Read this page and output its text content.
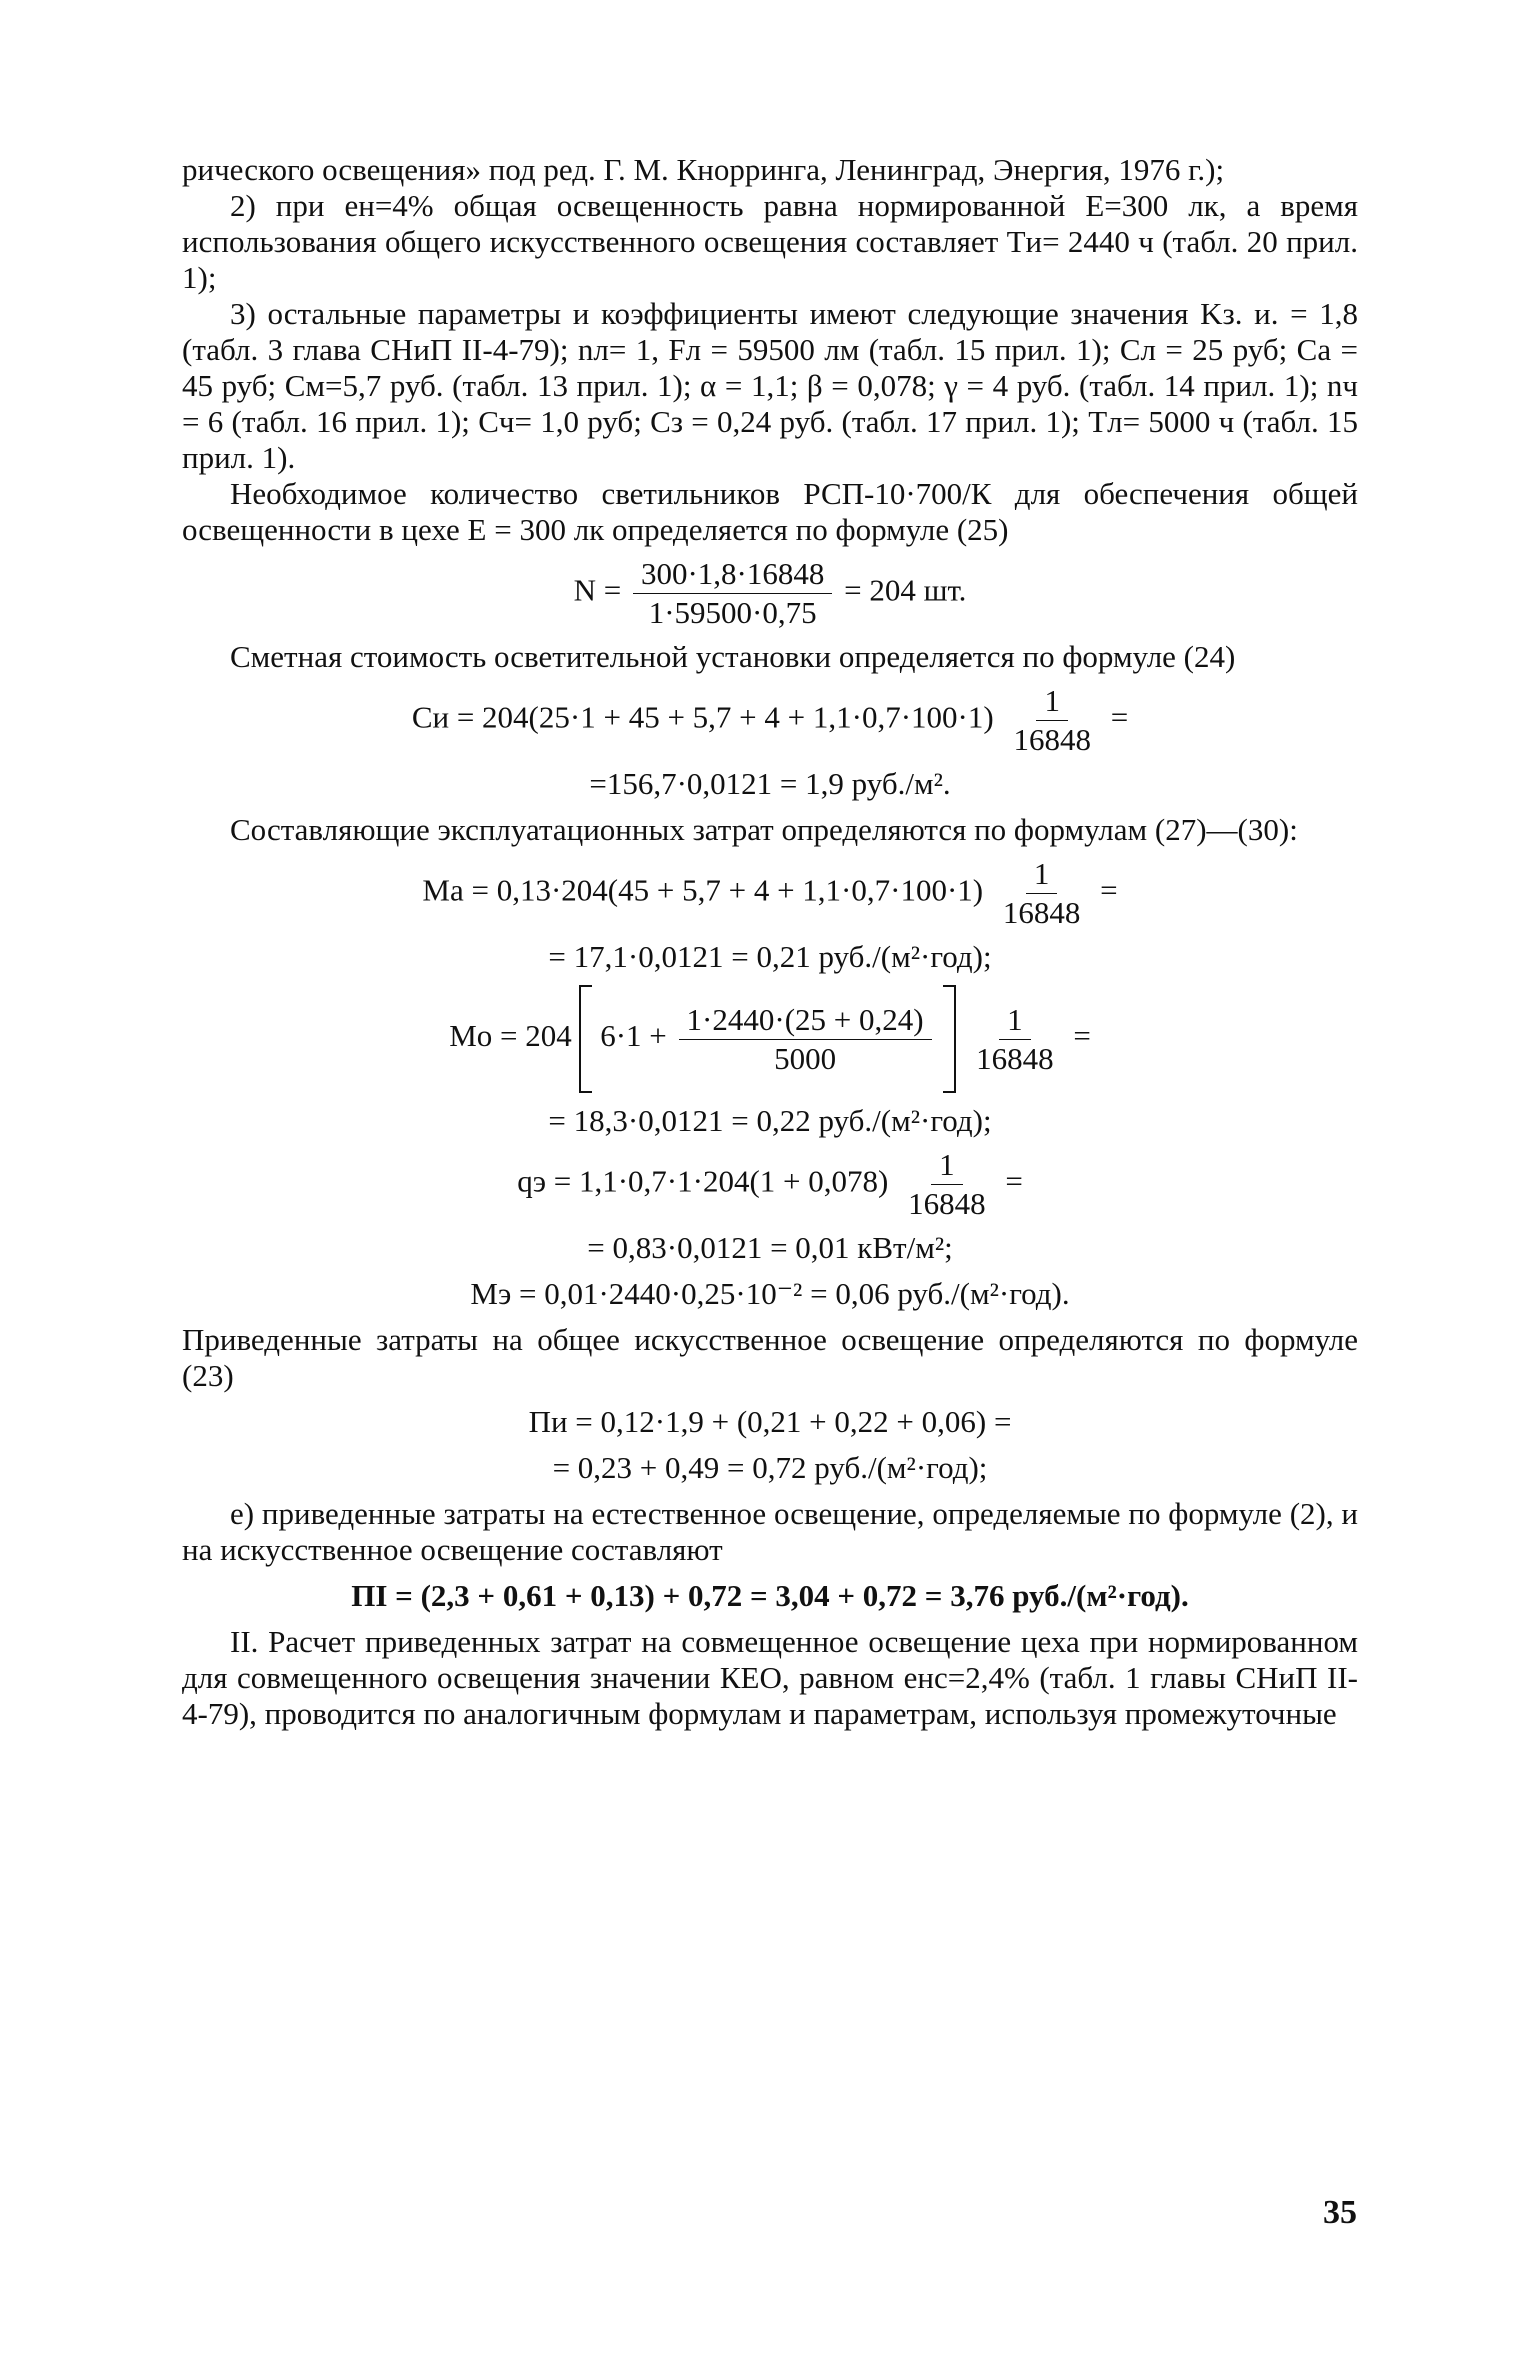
рического освещения» под ред. Г. М. Кнорринга, Ленинград, Энергия, 1976 г.);

2) при eн=4% общая освещенность равна нормированной E=300 лк, а время использования общего искусственного освещения составляет Tи= 2440 ч (табл. 20 прил. 1);

3) остальные параметры и коэффициенты имеют следующие значения Kз. и. = 1,8 (табл. 3 глава СНиП II-4-79); nл= 1, Fл = 59500 лм (табл. 15 прил. 1); Cл = 25 руб; Cа = 45 руб; Cм=5,7 руб. (табл. 13 прил. 1); α = 1,1; β = 0,078; γ = 4 руб. (табл. 14 прил. 1); nч = 6 (табл. 16 прил. 1); Cч= 1,0 руб; Cз = 0,24 руб. (табл. 17 прил. 1); Tл= 5000 ч (табл. 15 прил. 1).

Необходимое количество светильников РСП-10·700/К для обеспечения общей освещенности в цехе E = 300 лк определяется по формуле (25)

$N = \frac{300\cdot 1,8\cdot 16848}{1\cdot 59500\cdot 0,75} = 204$ шт.

Сметная стоимость осветительной установки определяется по формуле (24)

Cи = $204(25\cdot 1 + 45 + 5,7 + 4 + 1,1\cdot 0,7\cdot 100\cdot 1) \frac{1}{16848}$ =
=156,7·0,0121 = 1,9 руб./м².

Составляющие эксплуатационных затрат определяются по формулам (27)—(30):

Mа = $0,13\cdot 204(45 + 5,7 + 4 + 1,1\cdot 0,7\cdot 100\cdot 1) \frac{1}{16848}$ =
= 17,1·0,0121 = 0,21 руб./(м²·год);
Mо = 204 $6\cdot 1 + \frac{1\cdot 2440\cdot(25 + 0,24)}{5000}$
$\frac{1}{16848}$ =
= 18,3·0,0121 = 0,22 руб./(м²·год);
qэ = $1,1\cdot 0,7\cdot 1\cdot 204(1 + 0,078) \frac{1}{16848}$ =
= 0,83·0,0121 = 0,01 кВт/м²;
Mэ = 0,01·2440·0,25·10⁻² = 0,06 руб./(м²·год).

Приведенные затраты на общее искусственное освещение определяются по формуле (23)

Пи = 0,12·1,9 + (0,21 + 0,22 + 0,06) =
= 0,23 + 0,49 = 0,72 руб./(м²·год);

е) приведенные затраты на естественное освещение, определяемые по формуле (2), и на искусственное освещение составляют

ПI = (2,3 + 0,61 + 0,13) + 0,72 = 3,04 + 0,72 = 3,76 руб./(м²·год).

II. Расчет приведенных затрат на совмещенное освещение цеха при нормированном для совмещенного освещения значении КЕО, равном eнс=2,4% (табл. 1 главы СНиП II-4-79), проводится по аналогичным формулам и параметрам, используя промежуточные

35
